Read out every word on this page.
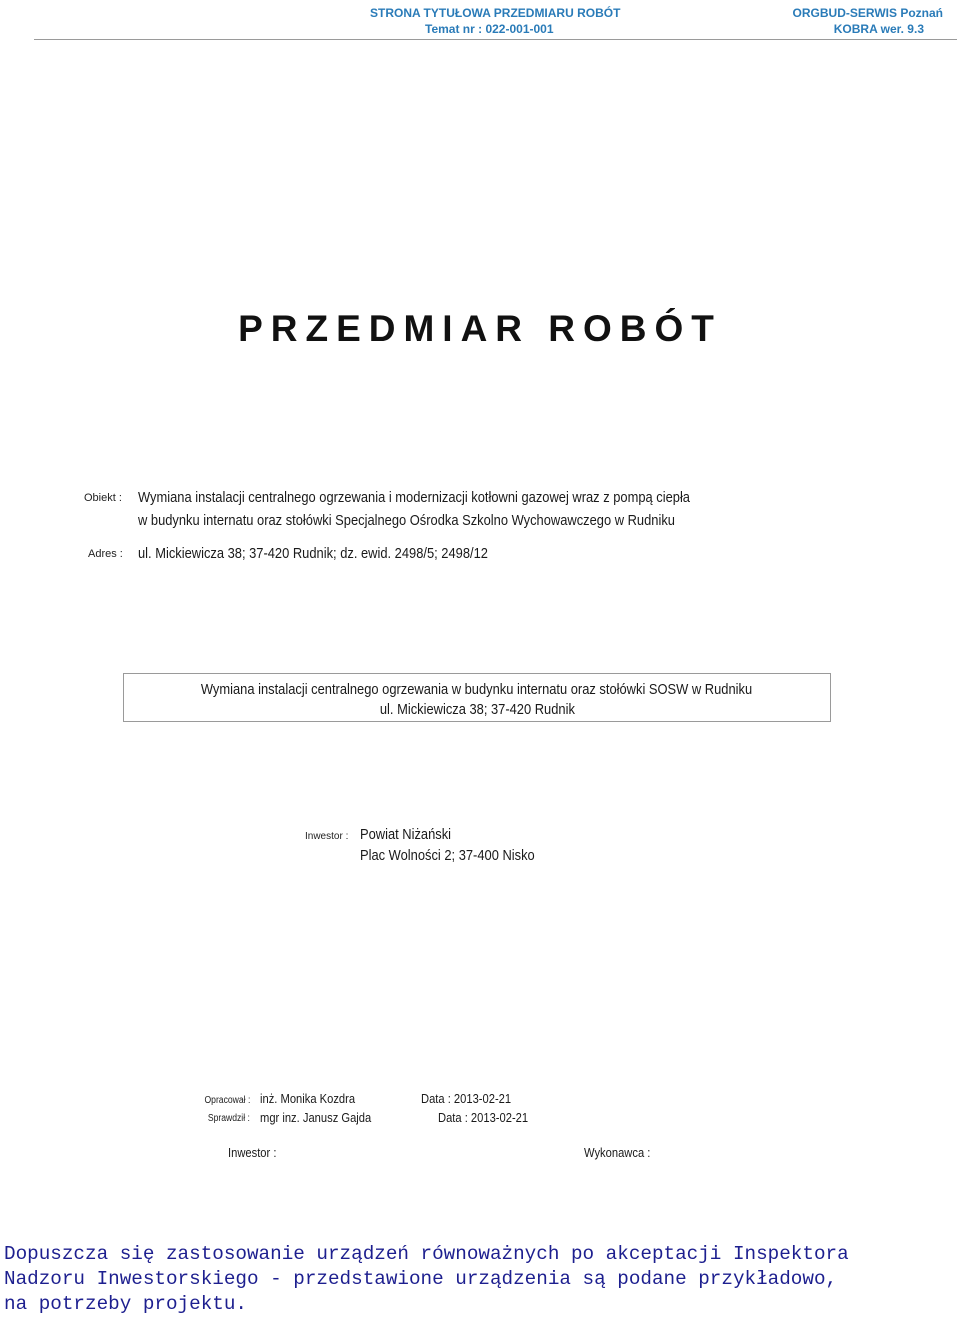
STRONA TYTUŁOWA PRZEDMIARU ROBÓT
Temat nr : 022-001-001
ORGBUD-SERWIS Poznań
KOBRA wer. 9.3
PRZEDMIAR ROBÓT
Obiekt : Wymiana instalacji centralnego ogrzewania i modernizacji kotłowni gazowej wraz z pompą ciepła
w budynku internatu oraz stołówki Specjalnego Ośrodka Szkolno Wychowawczego w Rudniku
Adres : ul. Mickiewicza 38; 37-420 Rudnik; dz. ewid. 2498/5; 2498/12
Wymiana instalacji centralnego ogrzewania w budynku internatu oraz stołówki SOSW w Rudniku
ul. Mickiewicza 38; 37-420 Rudnik
Inwestor : Powiat Niżański
Plac Wolności 2; 37-400 Nisko
Opracował : inż. Monika Kozdra	Data : 2013-02-21
Sprawdził : mgr inz. Janusz Gajda	Data : 2013-02-21
Inwestor :	Wykonawca :
Dopuszcza się zastosowanie urządzeń równoważnych po akceptacji Inspektora
Nadzoru Inwestorskiego - przedstawione urządzenia są podane przykładowo,
na potrzeby projektu.
